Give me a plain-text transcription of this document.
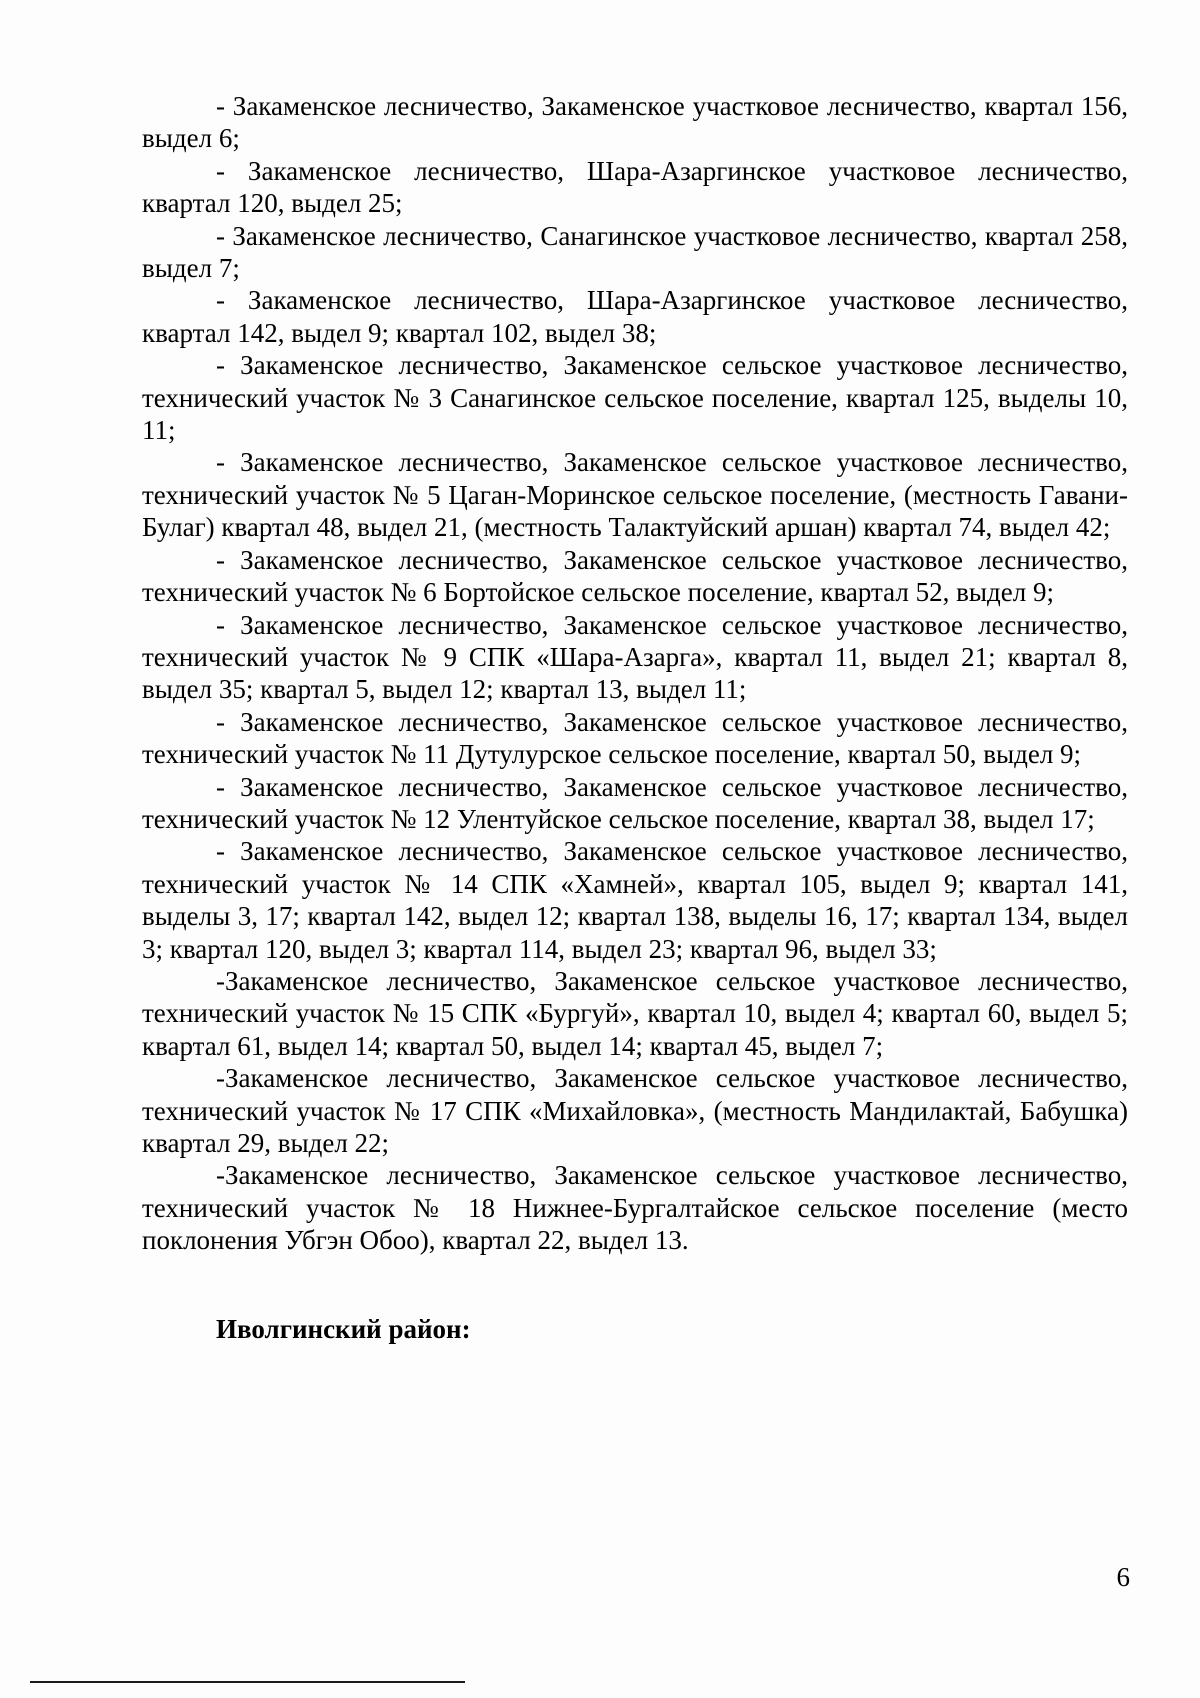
- Закаменское лесничество, Закаменское участковое лесничество, квартал 156, выдел 6;

- Закаменское лесничество, Шара-Азаргинское участковое лесничество, квартал 120, выдел 25;

- Закаменское лесничество, Санагинское участковое лесничество, квартал 258, выдел 7;

- Закаменское лесничество, Шара-Азаргинское участковое лесничество, квартал 142, выдел 9; квартал 102, выдел 38;

- Закаменское лесничество, Закаменское сельское участковое лесничество, технический участок № 3 Санагинское сельское поселение, квартал 125, выделы 10, 11;

- Закаменское лесничество, Закаменское сельское участковое лесничество, технический участок № 5 Цаган-Моринское сельское поселение, (местность Гавани-Булаг) квартал 48, выдел 21, (местность Талактуйский аршан) квартал 74, выдел 42;

- Закаменское лесничество, Закаменское сельское участковое лесничество, технический участок № 6 Бортойское сельское поселение, квартал 52, выдел 9;

- Закаменское лесничество, Закаменское сельское участковое лесничество, технический участок № 9 СПК «Шара-Азарга», квартал 11, выдел 21; квартал 8, выдел 35; квартал 5, выдел 12; квартал 13, выдел 11;

- Закаменское лесничество, Закаменское сельское участковое лесничество, технический участок № 11 Дутулурское сельское поселение, квартал 50, выдел 9;

- Закаменское лесничество, Закаменское сельское участковое лесничество, технический участок № 12 Улентуйское сельское поселение, квартал 38, выдел 17;

- Закаменское лесничество, Закаменское сельское участковое лесничество, технический участок № 14 СПК «Хамней», квартал 105, выдел 9; квартал 141, выделы 3, 17; квартал 142, выдел 12; квартал 138, выделы 16, 17; квартал 134, выдел 3; квартал 120, выдел 3; квартал 114, выдел 23; квартал 96, выдел 33;

-Закаменское лесничество, Закаменское сельское участковое лесничество, технический участок № 15 СПК «Бургуй», квартал 10, выдел 4; квартал 60, выдел 5; квартал 61, выдел 14; квартал 50, выдел 14; квартал 45, выдел 7;

-Закаменское лесничество, Закаменское сельское участковое лесничество, технический участок № 17 СПК «Михайловка», (местность Мандилактай, Бабушка) квартал 29, выдел 22;

-Закаменское лесничество, Закаменское сельское участковое лесничество, технический участок № 18 Нижнее-Бургалтайское сельское поселение (место поклонения Убгэн Обоо), квартал 22, выдел 13.

Иволгинский район:

6
